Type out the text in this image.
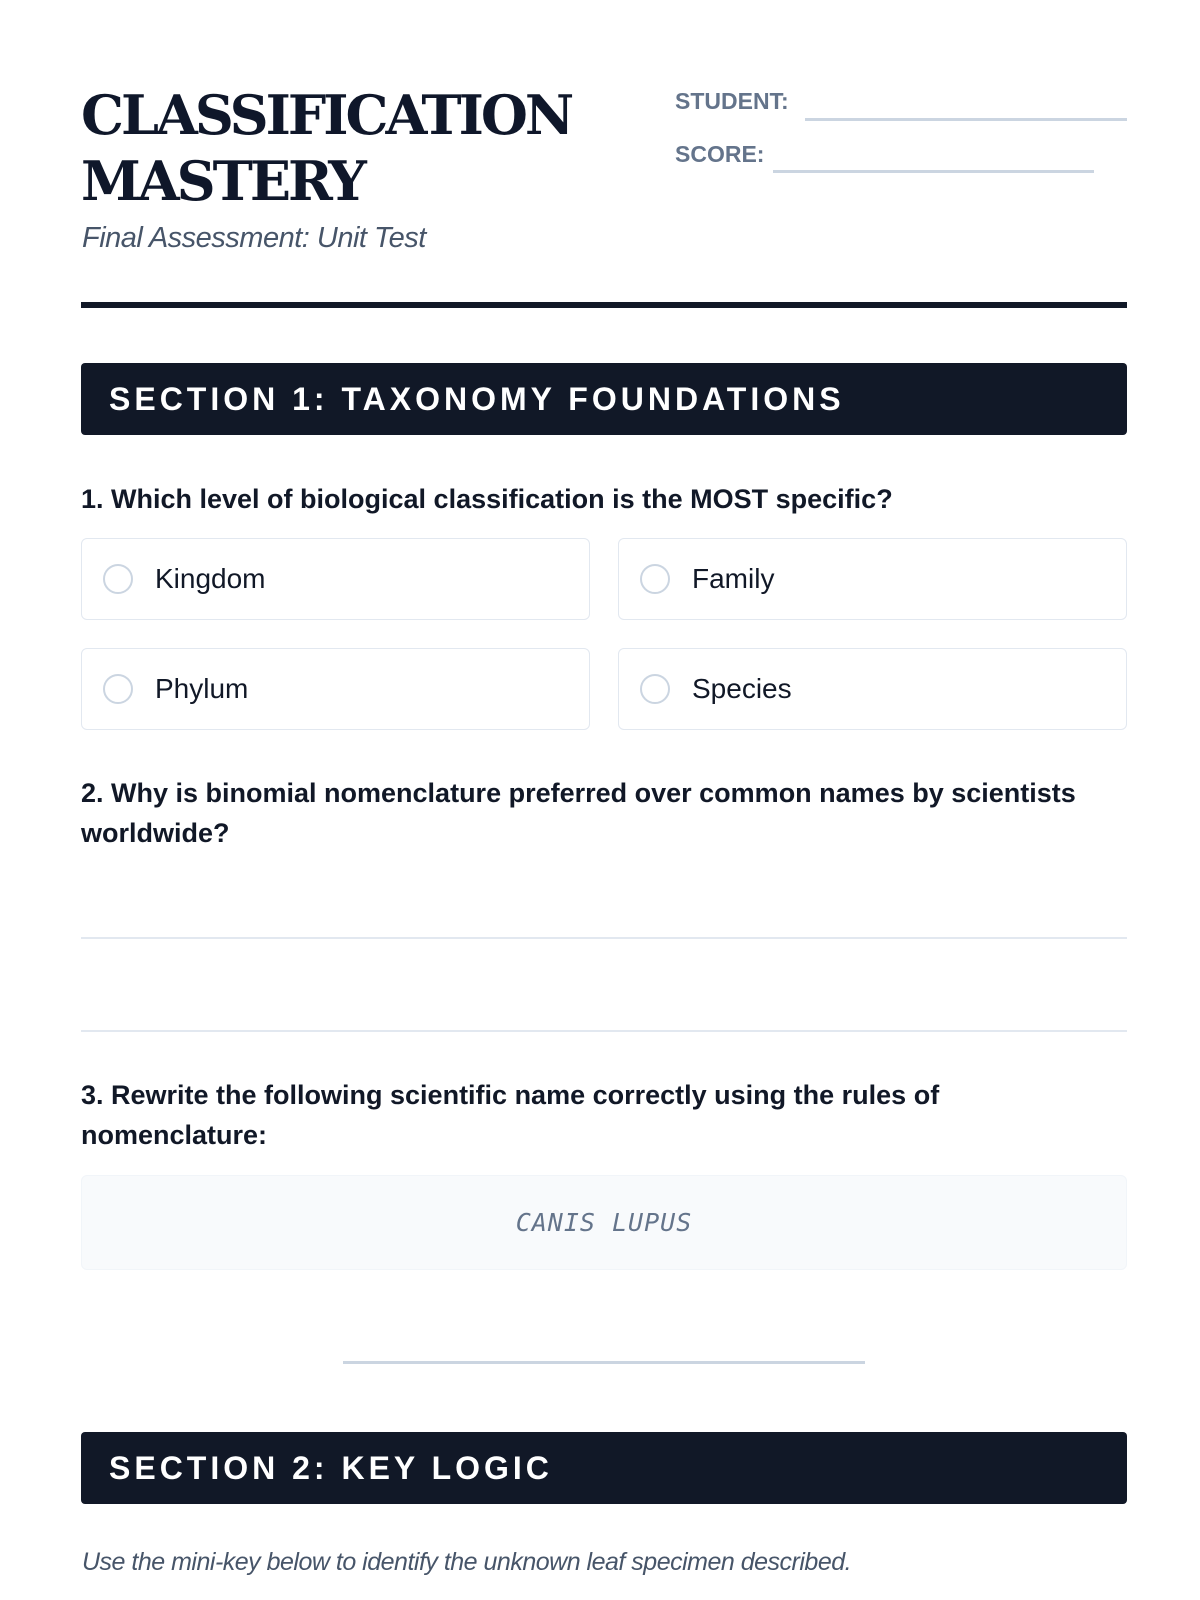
CLASSIFICATION
MASTERY
Final Assessment: Unit Test
STUDENT:
SCORE:
SECTION 1: TAXONOMY FOUNDATIONS
1. Which level of biological classification is the MOST specific?
Kingdom	Family
Phylum	Species
2. Why is binomial nomenclature preferred over common names by scientists worldwide?
3. Rewrite the following scientific name correctly using the rules of nomenclature:
CANIS LUPUS
SECTION 2: KEY LOGIC
Use the mini-key below to identify the unknown leaf specimen described.
